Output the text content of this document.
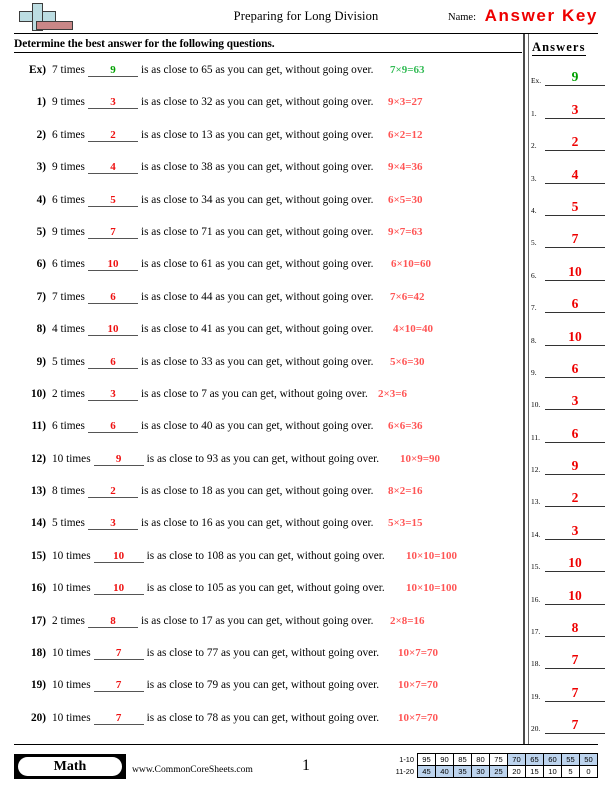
Preparing for Long Division	Name: Answer Key
Determine the best answer for the following questions.
Ex) 7 times 9 is as close to 65 as you can get, without going over. 7×9=63
1) 9 times 3 is as close to 32 as you can get, without going over. 9×3=27
2) 6 times 2 is as close to 13 as you can get, without going over. 6×2=12
3) 9 times 4 is as close to 38 as you can get, without going over. 9×4=36
4) 6 times 5 is as close to 34 as you can get, without going over. 6×5=30
5) 9 times 7 is as close to 71 as you can get, without going over. 9×7=63
6) 6 times 10 is as close to 61 as you can get, without going over. 6×10=60
7) 7 times 6 is as close to 44 as you can get, without going over. 7×6=42
8) 4 times 10 is as close to 41 as you can get, without going over. 4×10=40
9) 5 times 6 is as close to 33 as you can get, without going over. 5×6=30
10) 2 times 3 is as close to 7 as you can get, without going over. 2×3=6
11) 6 times 6 is as close to 40 as you can get, without going over. 6×6=36
12) 10 times 9 is as close to 93 as you can get, without going over. 10×9=90
13) 8 times 2 is as close to 18 as you can get, without going over. 8×2=16
14) 5 times 3 is as close to 16 as you can get, without going over. 5×3=15
15) 10 times 10 is as close to 108 as you can get, without going over. 10×10=100
16) 10 times 10 is as close to 105 as you can get, without going over. 10×10=100
17) 2 times 8 is as close to 17 as you can get, without going over. 2×8=16
18) 10 times 7 is as close to 77 as you can get, without going over. 10×7=70
19) 10 times 7 is as close to 79 as you can get, without going over. 10×7=70
20) 10 times 7 is as close to 78 as you can get, without going over. 10×7=70
Answers
Ex.	9
1.	3
2.	2
3.	4
4.	5
5.	7
6.	10
7.	6
8.	10
9.	6
10.	3
11.	6
12.	9
13.	2
14.	3
15.	10
16.	10
17.	8
18.	7
19.	7
20.	7
Math	www.CommonCoreSheets.com	1	1-10	95	90	85	80	75	70	65	60	55	50
11-20	45	40	35	30	25	20	15	10	5	0
